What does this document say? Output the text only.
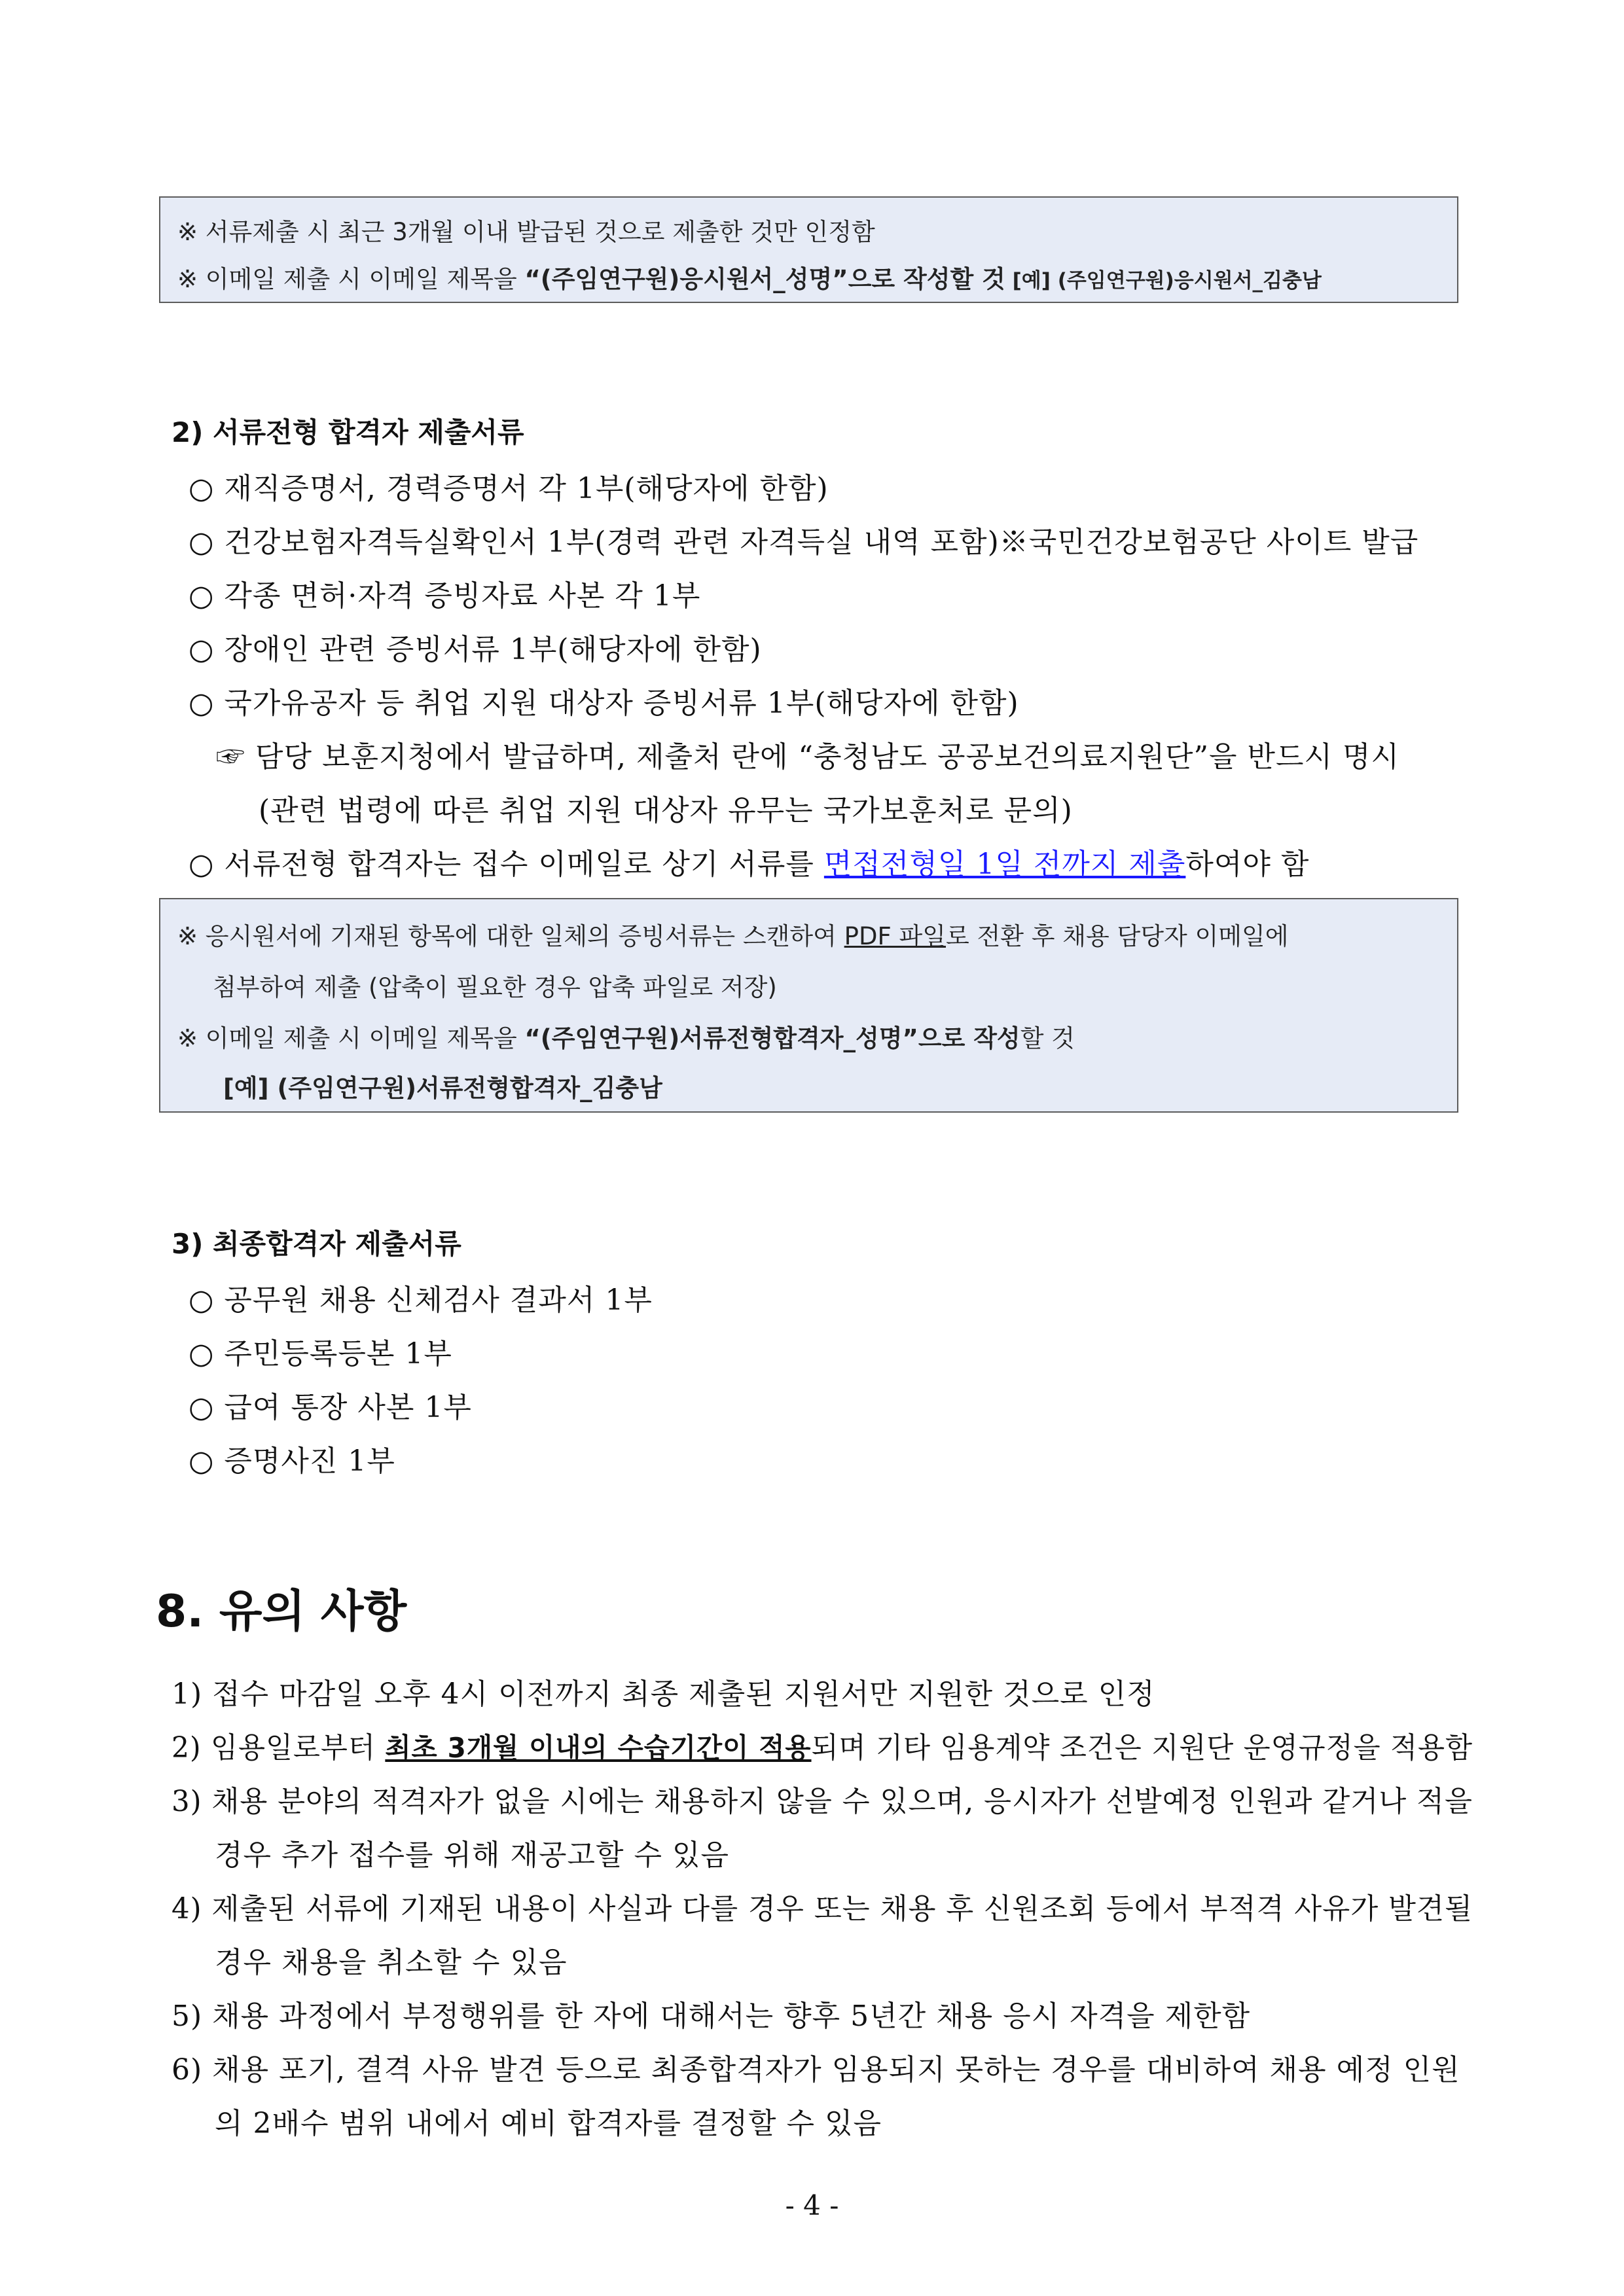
※ 서류제출 시 최근 3개월 이내 발급된 것으로 제출한 것만 인정함
※ 이메일 제출 시 이메일 제목을 “(주임연구원)응시원서_성명”으로 작성할 것 [예] (주임연구원)응시원서_김충남
2) 서류전형 합격자 제출서류
○ 재직증명서, 경력증명서 각 1부(해당자에 한함)
○ 건강보험자격득실확인서 1부(경력 관련 자격득실 내역 포함)※국민건강보험공단 사이트 발급
○ 각종 면허·자격 증빙자료 사본 각 1부
○ 장애인 관련 증빙서류 1부(해당자에 한함)
○ 국가유공자 등 취업 지원 대상자 증빙서류 1부(해당자에 한함)
☞ 담당 보훈지청에서 발급하며, 제출처 란에 “충청남도 공공보건의료지원단”을 반드시 명시
(관련 법령에 따른 취업 지원 대상자 유무는 국가보훈처로 문의)
○ 서류전형 합격자는 접수 이메일로 상기 서류를 면접전형일 1일 전까지 제출하여야 함
※ 응시원서에 기재된 항목에 대한 일체의 증빙서류는 스캔하여 PDF 파일로 전환 후 채용 담당자 이메일에
첨부하여 제출 (압축이 필요한 경우 압축 파일로 저장)
※ 이메일 제출 시 이메일 제목을 “(주임연구원)서류전형합격자_성명”으로 작성할 것
[예] (주임연구원)서류전형합격자_김충남
3) 최종합격자 제출서류
○ 공무원 채용 신체검사 결과서 1부
○ 주민등록등본 1부
○ 급여 통장 사본 1부
○ 증명사진 1부
8. 유의 사항
1) 접수 마감일 오후 4시 이전까지 최종 제출된 지원서만 지원한 것으로 인정
2) 임용일로부터 최초 3개월 이내의 수습기간이 적용되며 기타 임용계약 조건은 지원단 운영규정을 적용함
3) 채용 분야의 적격자가 없을 시에는 채용하지 않을 수 있으며, 응시자가 선발예정 인원과 같거나 적을
경우 추가 접수를 위해 재공고할 수 있음
4) 제출된 서류에 기재된 내용이 사실과 다를 경우 또는 채용 후 신원조회 등에서 부적격 사유가 발견될
경우 채용을 취소할 수 있음
5) 채용 과정에서 부정행위를 한 자에 대해서는 향후 5년간 채용 응시 자격을 제한함
6) 채용 포기, 결격 사유 발견 등으로 최종합격자가 임용되지 못하는 경우를 대비하여 채용 예정 인원
의 2배수 범위 내에서 예비 합격자를 결정할 수 있음
- 4 -
